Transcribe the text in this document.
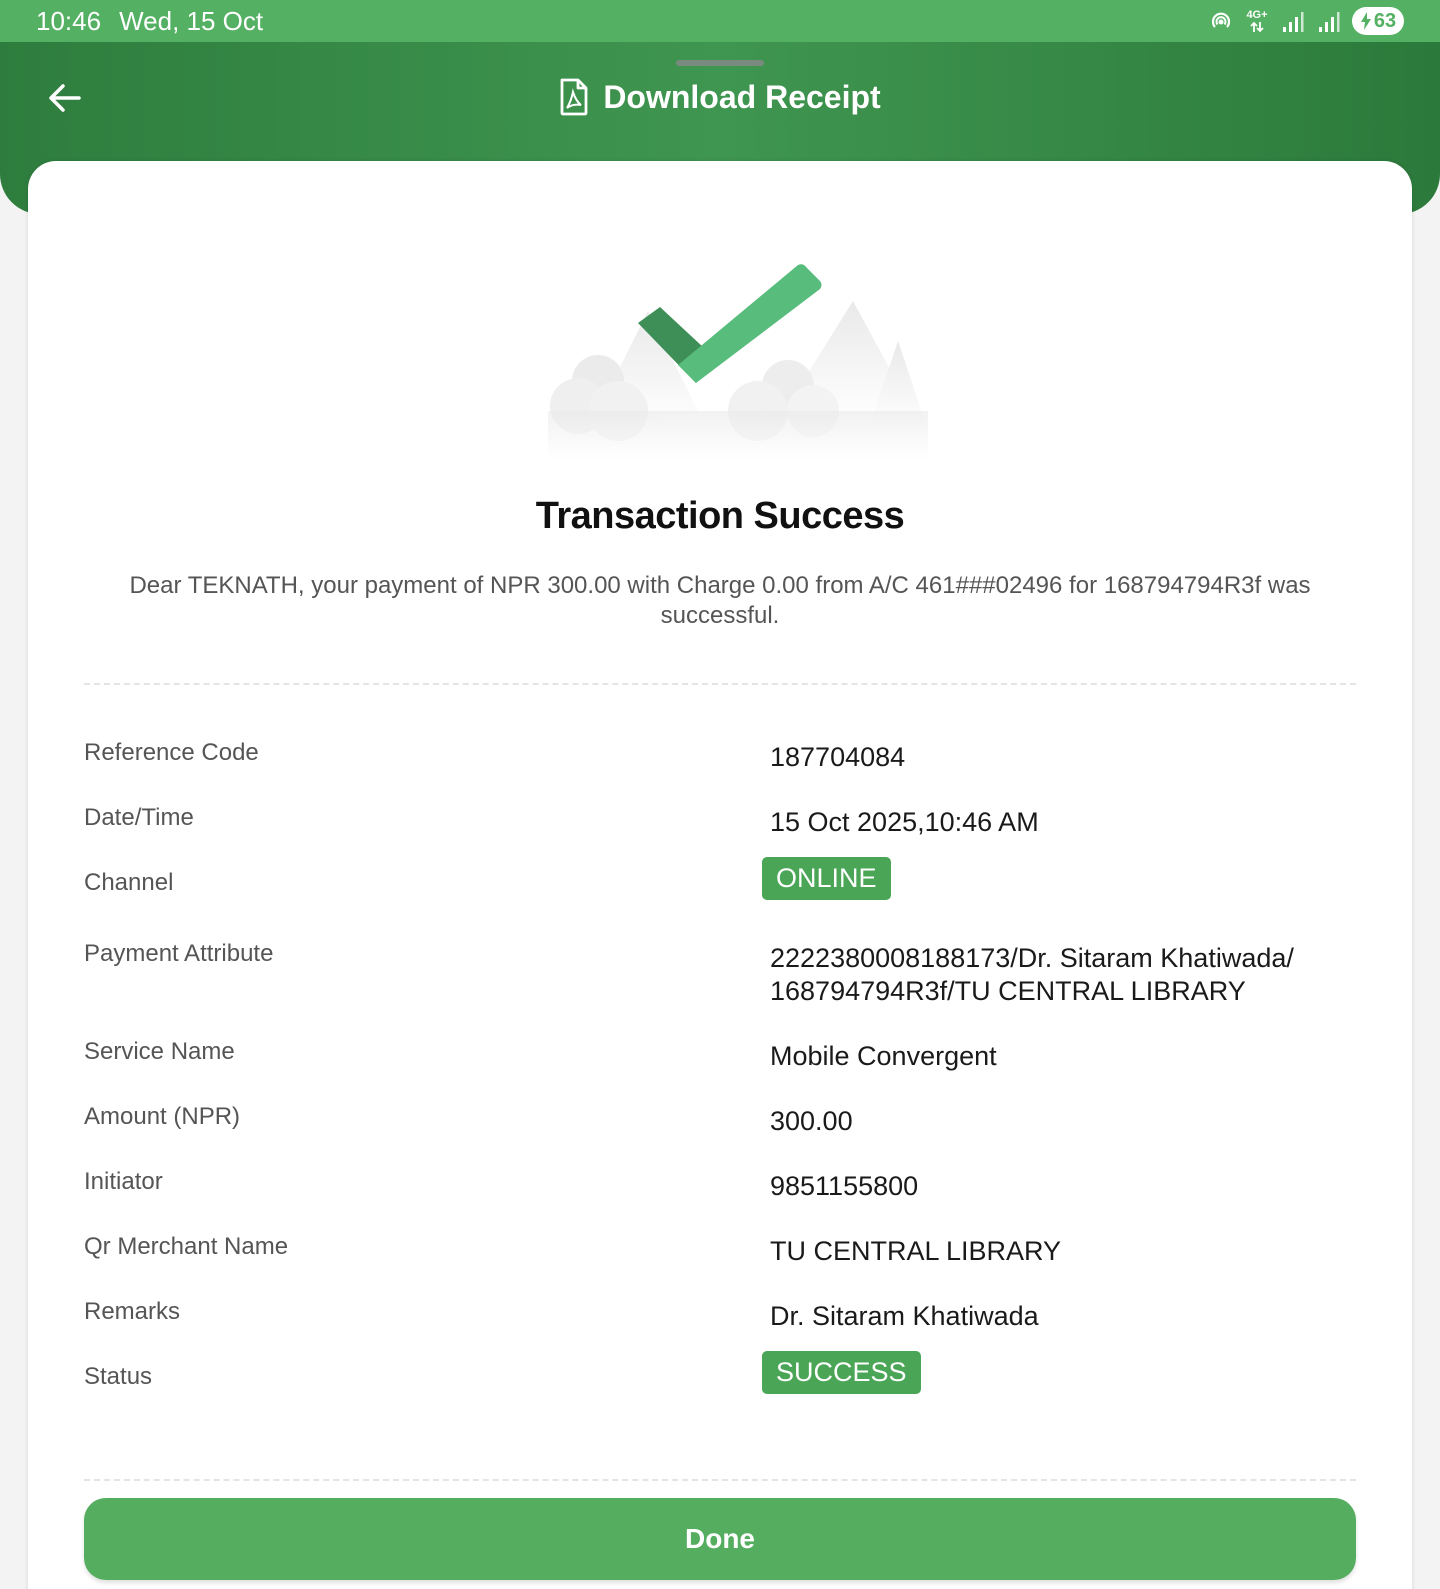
10:46 Wed, 15 Oct	4G+	63
Download Receipt
Transaction Success
Dear TEKNATH, your payment of NPR 300.00 with Charge 0.00 from A/C 461###02496 for 168794794R3f was successful.
Reference Code	187704084
Date/Time	15 Oct 2025,10:46 AM
Channel	ONLINE
Payment Attribute	2222380008188173/Dr. Sitaram Khatiwada/ 168794794R3f/TU CENTRAL LIBRARY
Service Name	Mobile Convergent
Amount (NPR)	300.00
Initiator	9851155800
Qr Merchant Name	TU CENTRAL LIBRARY
Remarks	Dr. Sitaram Khatiwada
Status	SUCCESS
Done
